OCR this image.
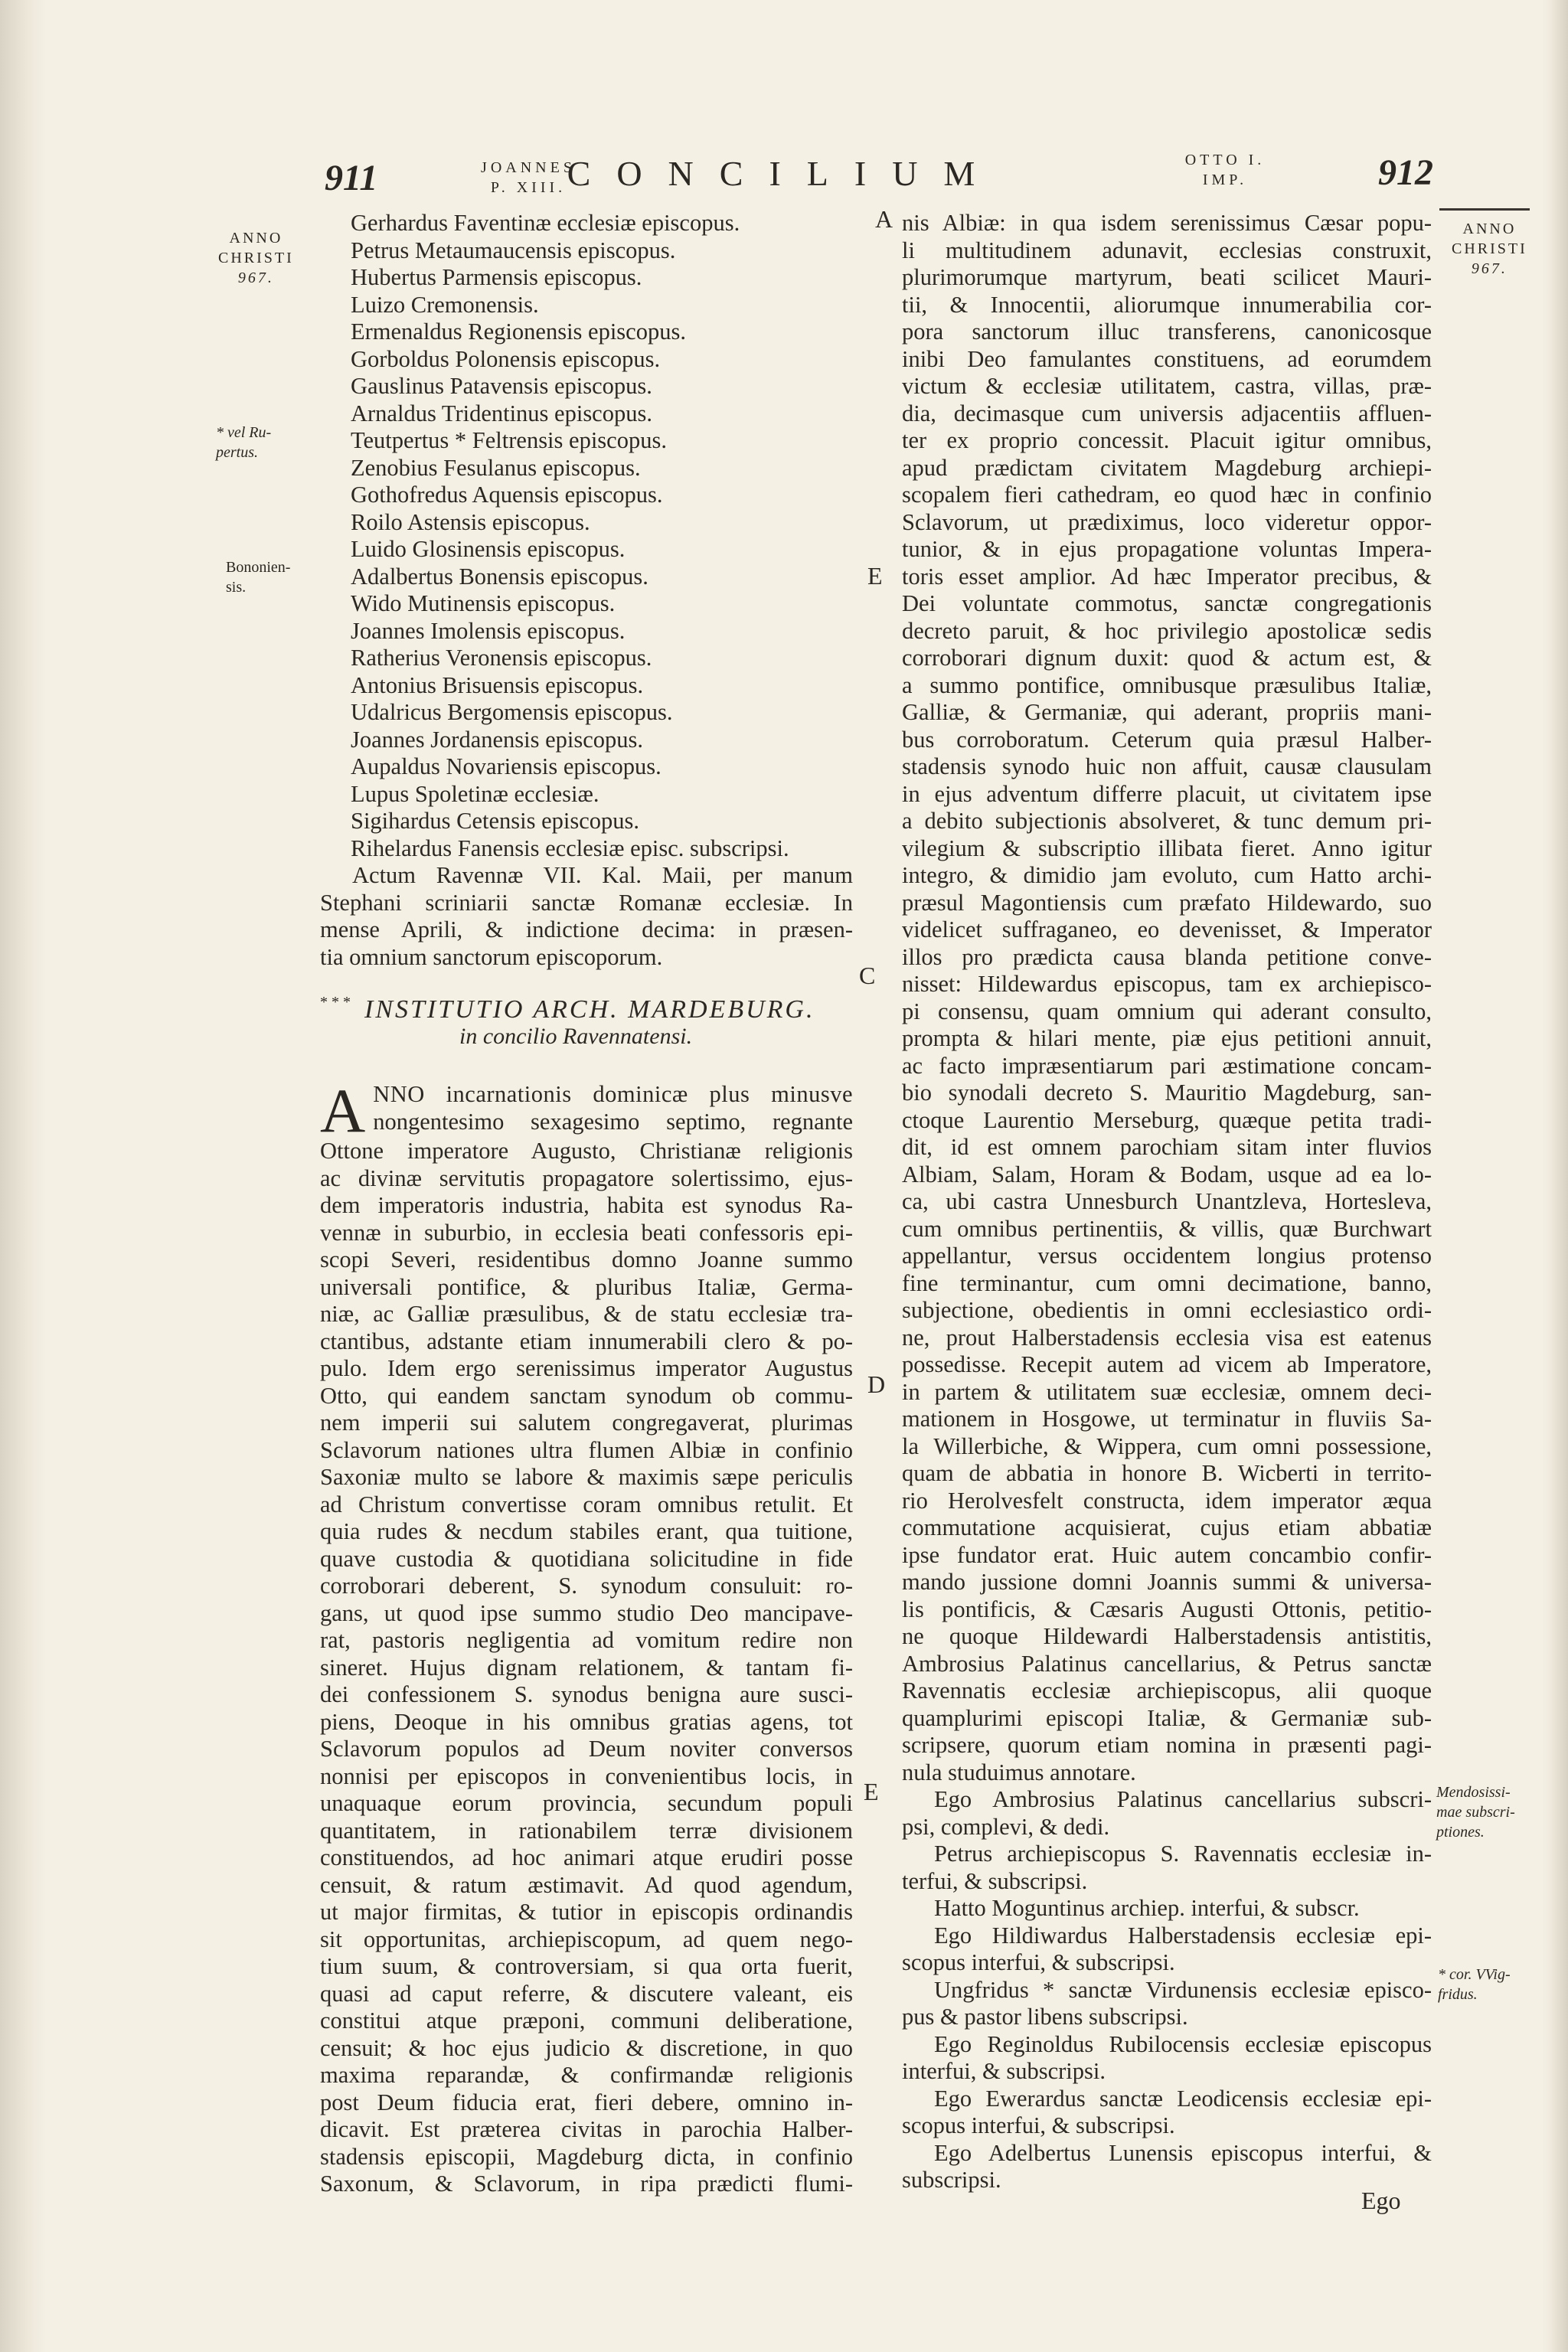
911	JOANNES
P. XIII. CONCILIUM	OTTO I.
IMP.	912
ANNO
CHRISTI
967.
* vel Ru-
pertus.
Bononien-
sis.
ANNO
CHRISTI
967.
Mendosissi-
mae subscri-
ptiones.
* cor. VVig-
fridus.
A
E
C
D
E

Gerhardus Faventinæ ecclesiæ episcopus.

Petrus Metaumaucensis episcopus.

Hubertus Parmensis episcopus.

Luizo Cremonensis.

Ermenaldus Regionensis episcopus.

Gorboldus Polonensis episcopus.

Gauslinus Patavensis episcopus.

Arnaldus Tridentinus episcopus.

Teutpertus * Feltrensis episcopus.

Zenobius Fesulanus episcopus.

Gothofredus Aquensis episcopus.

Roilo Astensis episcopus.

Luido Glosinensis episcopus.

Adalbertus Bonensis episcopus.

Wido Mutinensis episcopus.

Joannes Imolensis episcopus.

Ratherius Veronensis episcopus.

Antonius Brisuensis episcopus.

Udalricus Bergomensis episcopus.

Joannes Jordanensis episcopus.

Aupaldus Novariensis episcopus.

Lupus Spoletinæ ecclesiæ.

Sigihardus Cetensis episcopus.

Rihelardus Fanensis ecclesiæ episc. subscripsi.

Actum Ravennæ VII. Kal. Maii, per manum

Stephani scriniarii sanctæ Romanæ ecclesiæ. In

mense Aprili, & indictione decima: in præsen-

tia omnium sanctorum episcoporum.

* * * INSTITUTIO ARCH. MARDEBURG.
in concilio Ravennatensi.
A NNO incarnationis dominicæ plus minusve

nongentesimo sexagesimo septimo, regnante

Ottone imperatore Augusto, Christianæ religionis

ac divinæ servitutis propagatore solertissimo, ejus-

dem imperatoris industria, habita est synodus Ra-

vennæ in suburbio, in ecclesia beati confessoris epi-

scopi Severi, residentibus domno Joanne summo

universali pontifice, & pluribus Italiæ, Germa-

niæ, ac Galliæ præsulibus, & de statu ecclesiæ tra-

ctantibus, adstante etiam innumerabili clero & po-

pulo. Idem ergo serenissimus imperator Augustus

Otto, qui eandem sanctam synodum ob commu-

nem imperii sui salutem congregaverat, plurimas

Sclavorum nationes ultra flumen Albiæ in confinio

Saxoniæ multo se labore & maximis sæpe periculis

ad Christum convertisse coram omnibus retulit. Et

quia rudes & necdum stabiles erant, qua tuitione,

quave custodia & quotidiana solicitudine in fide

corroborari deberent, S. synodum consuluit: ro-

gans, ut quod ipse summo studio Deo mancipave-

rat, pastoris negligentia ad vomitum redire non

sineret. Hujus dignam relationem, & tantam fi-

dei confessionem S. synodus benigna aure susci-

piens, Deoque in his omnibus gratias agens, tot

Sclavorum populos ad Deum noviter conversos

nonnisi per episcopos in convenientibus locis, in

unaquaque eorum provincia, secundum populi

quantitatem, in rationabilem terræ divisionem

constituendos, ad hoc animari atque erudiri posse

censuit, & ratum æstimavit. Ad quod agendum,

ut major firmitas, & tutior in episcopis ordinandis

sit opportunitas, archiepiscopum, ad quem nego-

tium suum, & controversiam, si qua orta fuerit,

quasi ad caput referre, & discutere valeant, eis

constitui atque præponi, communi deliberatione,

censuit; & hoc ejus judicio & discretione, in quo

maxima reparandæ, & confirmandæ religionis

post Deum fiducia erat, fieri debere, omnino in-

dicavit. Est præterea civitas in parochia Halber-

stadensis episcopii, Magdeburg dicta, in confinio

Saxonum, & Sclavorum, in ripa prædicti flumi-

nis Albiæ: in qua isdem serenissimus Cæsar popu-

li multitudinem adunavit, ecclesias construxit,

plurimorumque martyrum, beati scilicet Mauri-

tii, & Innocentii, aliorumque innumerabilia cor-

pora sanctorum illuc transferens, canonicosque

inibi Deo famulantes constituens, ad eorumdem

victum & ecclesiæ utilitatem, castra, villas, præ-

dia, decimasque cum universis adjacentiis affluen-

ter ex proprio concessit. Placuit igitur omnibus,

apud prædictam civitatem Magdeburg archiepi-

scopalem fieri cathedram, eo quod hæc in confinio

Sclavorum, ut prædiximus, loco videretur oppor-

tunior, & in ejus propagatione voluntas Impera-

toris esset amplior. Ad hæc Imperator precibus, &

Dei voluntate commotus, sanctæ congregationis

decreto paruit, & hoc privilegio apostolicæ sedis

corroborari dignum duxit: quod & actum est, &

a summo pontifice, omnibusque præsulibus Italiæ,

Galliæ, & Germaniæ, qui aderant, propriis mani-

bus corroboratum. Ceterum quia præsul Halber-

stadensis synodo huic non affuit, causæ clausulam

in ejus adventum differre placuit, ut civitatem ipse

a debito subjectionis absolveret, & tunc demum pri-

vilegium & subscriptio illibata fieret. Anno igitur

integro, & dimidio jam evoluto, cum Hatto archi-

præsul Magontiensis cum præfato Hildewardo, suo

videlicet suffraganeo, eo devenisset, & Imperator

illos pro prædicta causa blanda petitione conve-

nisset: Hildewardus episcopus, tam ex archiepisco-

pi consensu, quam omnium qui aderant consulto,

prompta & hilari mente, piæ ejus petitioni annuit,

ac facto impræsentiarum pari æstimatione concam-

bio synodali decreto S. Mauritio Magdeburg, san-

ctoque Laurentio Merseburg, quæque petita tradi-

dit, id est omnem parochiam sitam inter fluvios

Albiam, Salam, Horam & Bodam, usque ad ea lo-

ca, ubi castra Unnesburch Unantzleva, Hortesleva,

cum omnibus pertinentiis, & villis, quæ Burchwart

appellantur, versus occidentem longius protenso

fine terminantur, cum omni decimatione, banno,

subjectione, obedientis in omni ecclesiastico ordi-

ne, prout Halberstadensis ecclesia visa est eatenus

possedisse. Recepit autem ad vicem ab Imperatore,

in partem & utilitatem suæ ecclesiæ, omnem deci-

mationem in Hosgowe, ut terminatur in fluviis Sa-

la Willerbiche, & Wippera, cum omni possessione,

quam de abbatia in honore B. Wicberti in territo-

rio Herolvesfelt constructa, idem imperator æqua

commutatione acquisierat, cujus etiam abbatiæ

ipse fundator erat. Huic autem concambio confir-

mando jussione domni Joannis summi & universa-

lis pontificis, & Cæsaris Augusti Ottonis, petitio-

ne quoque Hildewardi Halberstadensis antistitis,

Ambrosius Palatinus cancellarius, & Petrus sanctæ

Ravennatis ecclesiæ archiepiscopus, alii quoque

quamplurimi episcopi Italiæ, & Germaniæ sub-

scripsere, quorum etiam nomina in præsenti pagi-

nula studuimus annotare.

Ego Ambrosius Palatinus cancellarius subscri-

psi, complevi, & dedi.

Petrus archiepiscopus S. Ravennatis ecclesiæ in-

terfui, & subscripsi.

Hatto Moguntinus archiep. interfui, & subscr.

Ego Hildiwardus Halberstadensis ecclesiæ epi-

scopus interfui, & subscripsi.

Ungfridus * sanctæ Virdunensis ecclesiæ episco-

pus & pastor libens subscripsi.

Ego Reginoldus Rubilocensis ecclesiæ episcopus

interfui, & subscripsi.

Ego Ewerardus sanctæ Leodicensis ecclesiæ epi-

scopus interfui, & subscripsi.

Ego Adelbertus Lunensis episcopus interfui, &

subscripsi.

Ego
